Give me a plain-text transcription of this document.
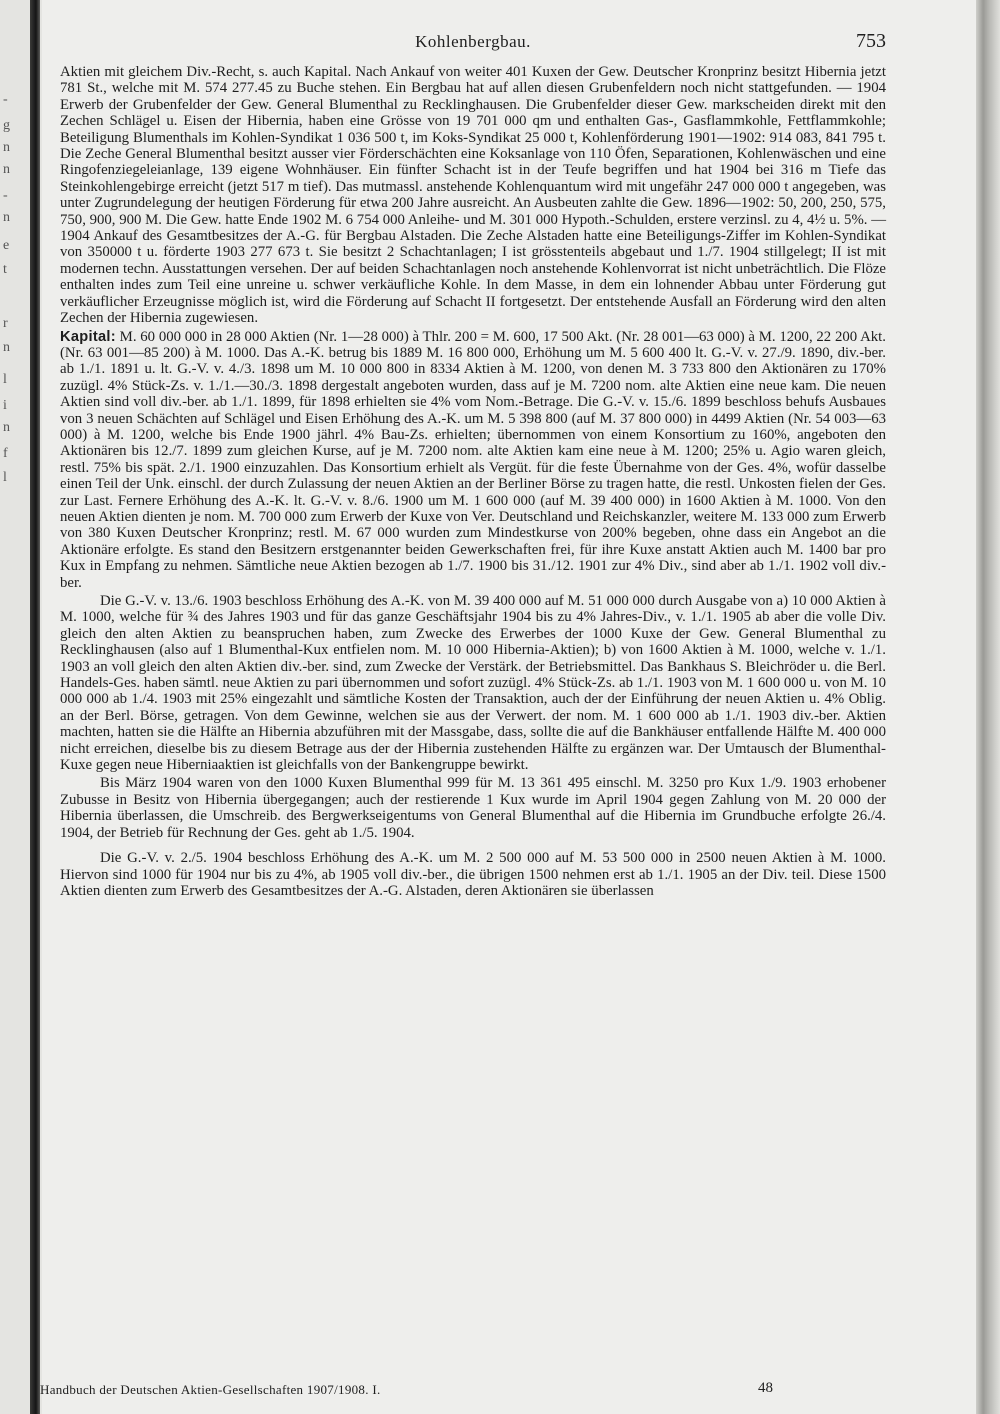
-
g
n
n
-
n
e
t
r
n
l
i
n
f
l
Kohlenbergbau.	753

Aktien mit gleichem Div.-Recht, s. auch Kapital. Nach Ankauf von weiter 401 Kuxen der Gew. Deutscher Kronprinz besitzt Hibernia jetzt 781 St., welche mit M. 574 277.45 zu Buche stehen. Ein Bergbau hat auf allen diesen Grubenfeldern noch nicht stattgefunden. — 1904 Erwerb der Grubenfelder der Gew. General Blumenthal zu Recklinghausen. Die Grubenfelder dieser Gew. markscheiden direkt mit den Zechen Schlägel u. Eisen der Hibernia, haben eine Grösse von 19 701 000 qm und enthalten Gas-, Gasflammkohle, Fettflammkohle; Beteiligung Blumenthals im Kohlen-Syndikat 1 036 500 t, im Koks-Syndikat 25 000 t, Kohlenförderung 1901—1902: 914 083, 841 795 t. Die Zeche General Blumenthal besitzt ausser vier Förderschächten eine Koksanlage von 110 Öfen, Separationen, Kohlenwäschen und eine Ringofenziegeleianlage, 139 eigene Wohnhäuser. Ein fünfter Schacht ist in der Teufe begriffen und hat 1904 bei 316 m Tiefe das Steinkohlengebirge erreicht (jetzt 517 m tief). Das mutmassl. anstehende Kohlenquantum wird mit ungefähr 247 000 000 t angegeben, was unter Zugrundelegung der heutigen Förderung für etwa 200 Jahre ausreicht. An Ausbeuten zahlte die Gew. 1896—1902: 50, 200, 250, 575, 750, 900, 900 M. Die Gew. hatte Ende 1902 M. 6 754 000 Anleihe- und M. 301 000 Hypoth.-Schulden, erstere verzinsl. zu 4, 4½ u. 5%. — 1904 Ankauf des Gesamtbesitzes der A.-G. für Bergbau Alstaden. Die Zeche Alstaden hatte eine Beteiligungs-Ziffer im Kohlen-Syndikat von 350000 t u. förderte 1903 277 673 t. Sie besitzt 2 Schachtanlagen; I ist grösstenteils abgebaut und 1./7. 1904 stillgelegt; II ist mit modernen techn. Ausstattungen versehen. Der auf beiden Schachtanlagen noch anstehende Kohlenvorrat ist nicht unbeträchtlich. Die Flöze enthalten indes zum Teil eine unreine u. schwer verkäufliche Kohle. In dem Masse, in dem ein lohnender Abbau unter Förderung gut verkäuflicher Erzeugnisse möglich ist, wird die Förderung auf Schacht II fortgesetzt. Der entstehende Ausfall an Förderung wird den alten Zechen der Hibernia zugewiesen.

Kapital: M. 60 000 000 in 28 000 Aktien (Nr. 1—28 000) à Thlr. 200 = M. 600, 17 500 Akt. (Nr. 28 001—63 000) à M. 1200, 22 200 Akt. (Nr. 63 001—85 200) à M. 1000. Das A.-K. betrug bis 1889 M. 16 800 000, Erhöhung um M. 5 600 400 lt. G.-V. v. 27./9. 1890, div.-ber. ab 1./1. 1891 u. lt. G.-V. v. 4./3. 1898 um M. 10 000 800 in 8334 Aktien à M. 1200, von denen M. 3 733 800 den Aktionären zu 170% zuzügl. 4% Stück-Zs. v. 1./1.—30./3. 1898 dergestalt angeboten wurden, dass auf je M. 7200 nom. alte Aktien eine neue kam. Die neuen Aktien sind voll div.-ber. ab 1./1. 1899, für 1898 erhielten sie 4% vom Nom.-Betrage. Die G.-V. v. 15./6. 1899 beschloss behufs Ausbaues von 3 neuen Schächten auf Schlägel und Eisen Erhöhung des A.-K. um M. 5 398 800 (auf M. 37 800 000) in 4499 Aktien (Nr. 54 003—63 000) à M. 1200, welche bis Ende 1900 jährl. 4% Bau-Zs. erhielten; übernommen von einem Konsortium zu 160%, angeboten den Aktionären bis 12./7. 1899 zum gleichen Kurse, auf je M. 7200 nom. alte Aktien kam eine neue à M. 1200; 25% u. Agio waren gleich, restl. 75% bis spät. 2./1. 1900 einzuzahlen. Das Konsortium erhielt als Vergüt. für die feste Übernahme von der Ges. 4%, wofür dasselbe einen Teil der Unk. einschl. der durch Zulassung der neuen Aktien an der Berliner Börse zu tragen hatte, die restl. Unkosten fielen der Ges. zur Last. Fernere Erhöhung des A.-K. lt. G.-V. v. 8./6. 1900 um M. 1 600 000 (auf M. 39 400 000) in 1600 Aktien à M. 1000. Von den neuen Aktien dienten je nom. M. 700 000 zum Erwerb der Kuxe von Ver. Deutschland und Reichskanzler, weitere M. 133 000 zum Erwerb von 380 Kuxen Deutscher Kronprinz; restl. M. 67 000 wurden zum Mindestkurse von 200% begeben, ohne dass ein Angebot an die Aktionäre erfolgte. Es stand den Besitzern erstgenannter beiden Gewerkschaften frei, für ihre Kuxe anstatt Aktien auch M. 1400 bar pro Kux in Empfang zu nehmen. Sämtliche neue Aktien bezogen ab 1./7. 1900 bis 31./12. 1901 zur 4% Div., sind aber ab 1./1. 1902 voll div.-ber.

Die G.-V. v. 13./6. 1903 beschloss Erhöhung des A.-K. von M. 39 400 000 auf M. 51 000 000 durch Ausgabe von a) 10 000 Aktien à M. 1000, welche für ¾ des Jahres 1903 und für das ganze Geschäftsjahr 1904 bis zu 4% Jahres-Div., v. 1./1. 1905 ab aber die volle Div. gleich den alten Aktien zu beanspruchen haben, zum Zwecke des Erwerbes der 1000 Kuxe der Gew. General Blumenthal zu Recklinghausen (also auf 1 Blumenthal-Kux entfielen nom. M. 10 000 Hibernia-Aktien); b) von 1600 Aktien à M. 1000, welche v. 1./1. 1903 an voll gleich den alten Aktien div.-ber. sind, zum Zwecke der Verstärk. der Betriebsmittel. Das Bankhaus S. Bleichröder u. die Berl. Handels-Ges. haben sämtl. neue Aktien zu pari übernommen und sofort zuzügl. 4% Stück-Zs. ab 1./1. 1903 von M. 1 600 000 u. von M. 10 000 000 ab 1./4. 1903 mit 25% eingezahlt und sämtliche Kosten der Transaktion, auch der der Einführung der neuen Aktien u. 4% Oblig. an der Berl. Börse, getragen. Von dem Gewinne, welchen sie aus der Verwert. der nom. M. 1 600 000 ab 1./1. 1903 div.-ber. Aktien machten, hatten sie die Hälfte an Hibernia abzuführen mit der Massgabe, dass, sollte die auf die Bankhäuser entfallende Hälfte M. 400 000 nicht erreichen, dieselbe bis zu diesem Betrage aus der der Hibernia zustehenden Hälfte zu ergänzen war. Der Umtausch der Blumenthal-Kuxe gegen neue Hiberniaaktien ist gleichfalls von der Bankengruppe bewirkt.

Bis März 1904 waren von den 1000 Kuxen Blumenthal 999 für M. 13 361 495 einschl. M. 3250 pro Kux 1./9. 1903 erhobener Zubusse in Besitz von Hibernia übergegangen; auch der restierende 1 Kux wurde im April 1904 gegen Zahlung von M. 20 000 der Hibernia überlassen, die Umschreib. des Bergwerkseigentums von General Blumenthal auf die Hibernia im Grundbuche erfolgte 26./4. 1904, der Betrieb für Rechnung der Ges. geht ab 1./5. 1904.

Die G.-V. v. 2./5. 1904 beschloss Erhöhung des A.-K. um M. 2 500 000 auf M. 53 500 000 in 2500 neuen Aktien à M. 1000. Hiervon sind 1000 für 1904 nur bis zu 4%, ab 1905 voll div.-ber., die übrigen 1500 nehmen erst ab 1./1. 1905 an der Div. teil. Diese 1500 Aktien dienten zum Erwerb des Gesamtbesitzes der A.-G. Alstaden, deren Aktionären sie überlassen

Handbuch der Deutschen Aktien-Gesellschaften 1907/1908. I.	48
